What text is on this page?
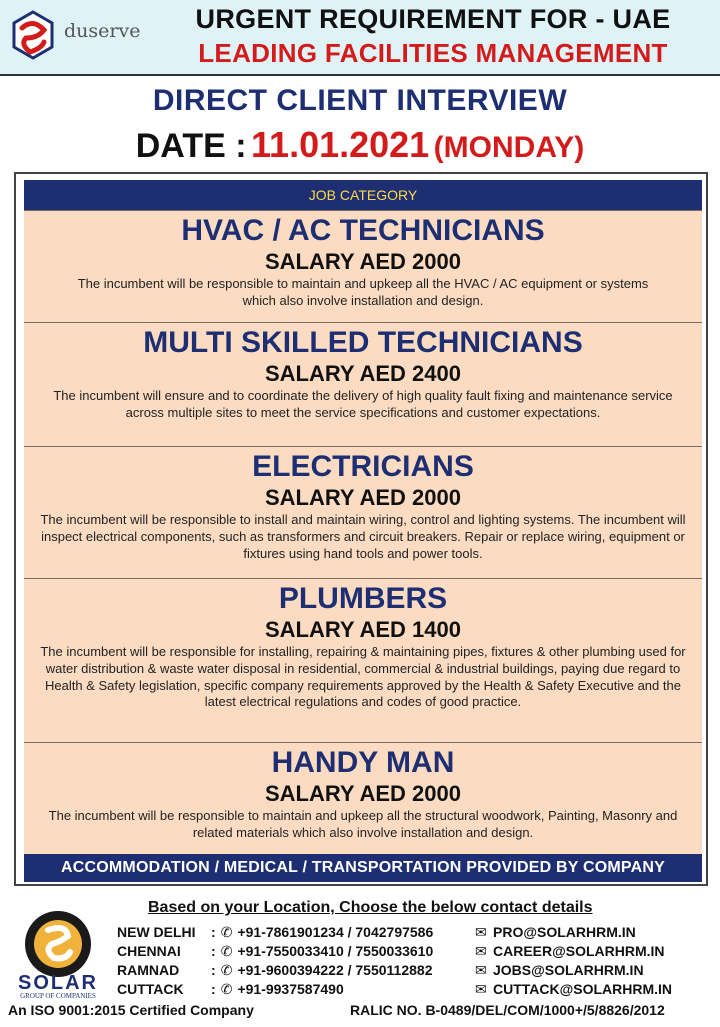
duserve	URGENT REQUIREMENT FOR - UAE
LEADING FACILITIES MANAGEMENT
DIRECT CLIENT INTERVIEW
DATE : 11.01.2021 (MONDAY)
JOB CATEGORY
HVAC / AC TECHNICIANS
SALARY AED 2000
The incumbent will be responsible to maintain and upkeep all the HVAC / AC equipment or systems which also involve installation and design.
MULTI SKILLED TECHNICIANS
SALARY AED 2400
The incumbent will ensure and to coordinate the delivery of high quality fault fixing and maintenance service across multiple sites to meet the service specifications and customer expectations.
ELECTRICIANS
SALARY AED 2000
The incumbent will be responsible to install and maintain wiring, control and lighting systems. The incumbent will inspect electrical components, such as transformers and circuit breakers. Repair or replace wiring, equipment or fixtures using hand tools and power tools.
PLUMBERS
SALARY AED 1400
The incumbent will be responsible for installing, repairing & maintaining pipes, fixtures & other plumbing used for water distribution & waste water disposal in residential, commercial & industrial buildings, paying due regard to Health & Safety legislation, specific company requirements approved by the Health & Safety Executive and the latest electrical regulations and codes of good practice.
HANDY MAN
SALARY AED 2000
The incumbent will be responsible to maintain and upkeep all the structural woodwork, Painting, Masonry and related materials which also involve installation and design.
ACCOMMODATION / MEDICAL / TRANSPORTATION PROVIDED BY COMPANY
Based on your Location, Choose the below contact details
SOLAR
GROUP OF COMPANIES
NEW DELHI : ✆ +91-7861901234 / 7042797586	✉ PRO@SOLARHRM.IN
CHENNAI : ✆ +91-7550033410 / 7550033610	✉ CAREER@SOLARHRM.IN
RAMNAD : ✆ +91-9600394222 / 7550112882	✉ JOBS@SOLARHRM.IN
CUTTACK : ✆ +91-9937587490	✉ CUTTACK@SOLARHRM.IN
An ISO 9001:2015 Certified Company	RALIC NO. B-0489/DEL/COM/1000+/5/8826/2012
